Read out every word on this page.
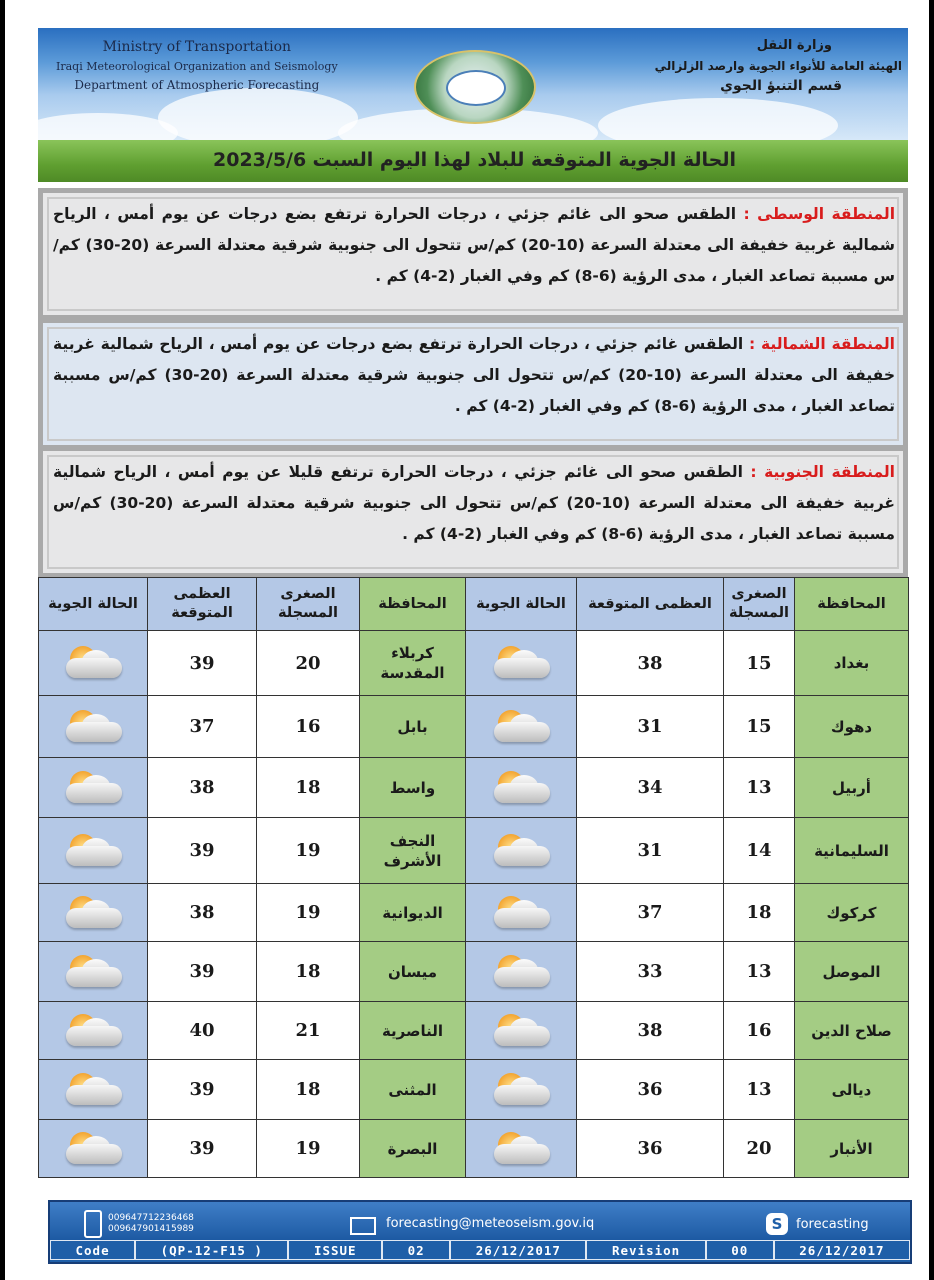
Ministry of Transportation
Iraqi Meteorological Organization and Seismology
Department of Atmospheric Forecasting
وزارة النقل
الهيئة العامة للأنواء الجوية وارصد الزلزالي
قسم التنبؤ الجوي
الحالة الجوية المتوقعة للبلاد لهذا اليوم السبت
2023/5/6

المنطقة الوسطى : الطقس صحو الى غائم جزئي ، درجات الحرارة ترتفع بضع درجات عن يوم أمس ، الرياح شمالية غربية خفيفة الى معتدلة السرعة (10-20) كم/س تتحول الى جنوبية شرقية معتدلة السرعة (20-30) كم/س مسببة تصاعد الغبار ، مدى الرؤية (6-8) كم وفي الغبار (2-4) كم .

المنطقة الشمالية : الطقس غائم جزئي ، درجات الحرارة ترتفع بضع درجات عن يوم أمس ، الرياح شمالية غربية خفيفة الى معتدلة السرعة (10-20) كم/س تتحول الى جنوبية شرقية معتدلة السرعة (20-30) كم/س مسببة تصاعد الغبار ، مدى الرؤية (6-8) كم وفي الغبار (2-4) كم .

المنطقة الجنوبية : الطقس صحو الى غائم جزئي ، درجات الحرارة ترتفع قليلا عن يوم أمس ، الرياح شمالية غربية خفيفة الى معتدلة السرعة (10-20) كم/س تتحول الى جنوبية شرقية معتدلة السرعة (20-30) كم/س مسببة تصاعد الغبار ، مدى الرؤية (6-8) كم وفي الغبار (2-4) كم .

الحالة الجوية	العظمى المتوقعة	الصغرى المسجلة	المحافظة	الحالة الجوية	العظمى المتوقعة	الصغرى المسجلة	المحافظة

	39	20	كربلاء المقدسة		38	15	بغداد

	37	16	بابل		31	15	دهوك

	38	18	واسط		34	13	أربيل

	39	19	النجف الأشرف		31	14	السليمانية

	38	19	الديوانية		37	18	كركوك

	39	18	ميسان		33	13	الموصل

	40	21	الناصرية		38	16	صلاح الدين

	39	18	المثنى		36	13	ديالى

	39	19	البصرة		36	20	الأنبار
009647712236468
009647901415989	forecasting@meteoseism.gov.iq	S	forecasting
Code	(QP-12-F15 )	ISSUE	02	26/12/2017	Revision	00	26/12/2017
